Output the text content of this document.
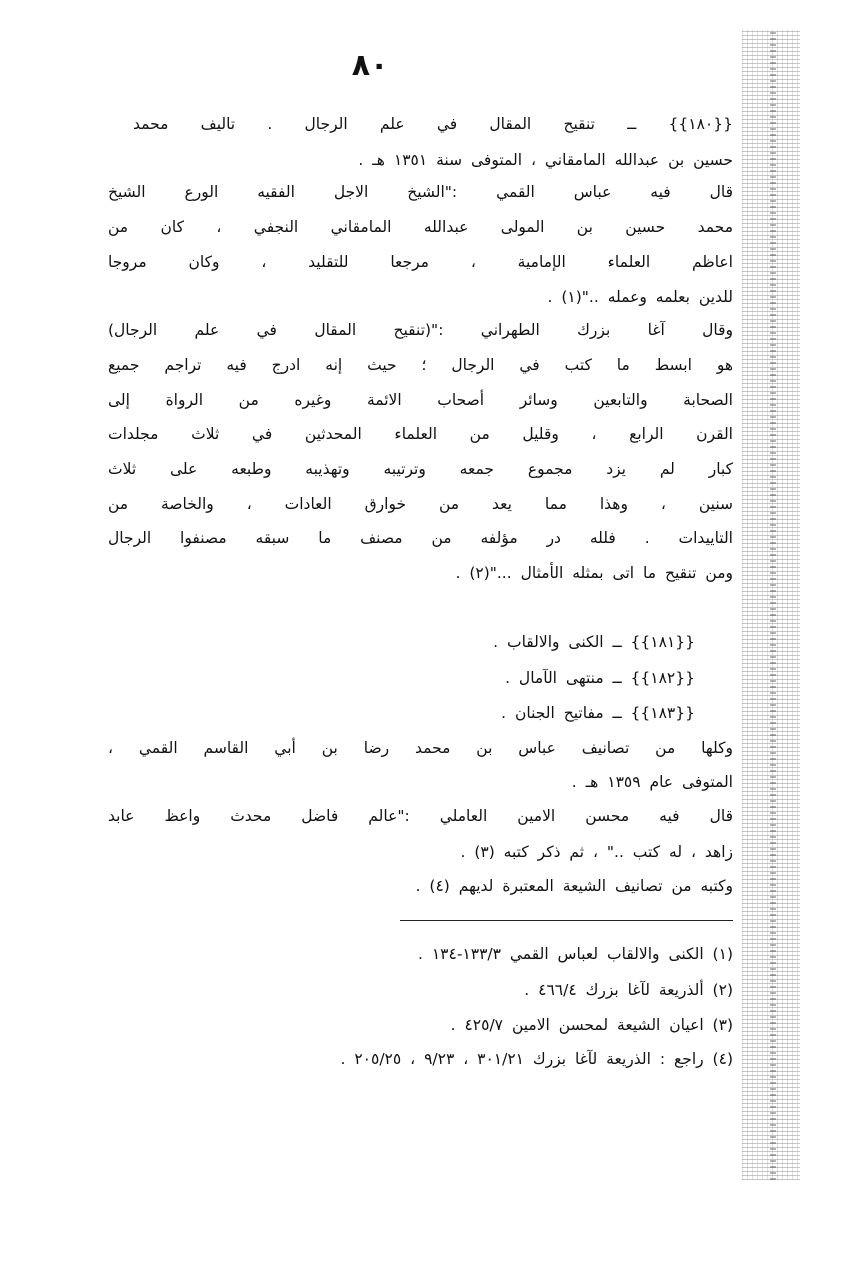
٨٠
{{١٨٠}} ــ تنقيح المقال في علم الرجال . تاليف محمد
حسين بن عبدالله المامقاني ، المتوفى سنة ١٣٥١ هـ .
قال فيه عباس القمي :"الشيخ الاجل الفقيه الورع الشيخ
محمد حسين بن المولى عبدالله المامقاني النجفي ، كان من
اعاظم العلماء الإمامية ، مرجعا للتقليد ، وكان مروجا
للدين بعلمه وعمله .."(١) .
وقال آغا بزرك الطهراني :"(تنقيح المقال في علم الرجال)
هو ابسط ما كتب في الرجال ؛ حيث إنه ادرج فيه تراجم جميع
الصحابة والتابعين وسائر أصحاب الائمة وغيره من الرواة إلى
القرن الرابع ، وقليل من العلماء المحدثين في ثلاث مجلدات
كبار لم يزد مجموع جمعه وترتيبه وتهذيبه وطبعه على ثلاث
سنين ، وهذا مما يعد من خوارق العادات ، والخاصة من
التاييدات . فلله در مؤلفه من مصنف ما سبقه مصنفوا الرجال
ومن تنقيح ما اتى بمثله الأمثال ..."(٢) .
{{١٨١}} ــ الكنى والالقاب .
{{١٨٢}} ــ منتهى الآمال .
{{١٨٣}} ــ مفاتيح الجنان .
وكلها من تصانيف عباس بن محمد رضا بن أبي القاسم القمي ،
المتوفى عام ١٣٥٩ هـ .
قال فيه محسن الامين العاملي :"عالم فاضل محدث واعظ عابد
زاهد ، له كتب .." ، ثم ذكر كتبه (٣) .
وكتبه من تصانيف الشيعة المعتبرة لديهم (٤) .
(١) الكنى والالقاب لعباس القمي ١٣٣/٣-١٣٤ .
(٢) ألذريعة لآغا بزرك ٤٦٦/٤ .
(٣) اعيان الشيعة لمحسن الامين ٤٢٥/٧ .
(٤) راجع : الذريعة لآغا بزرك ٣٠١/٢١ ، ٩/٢٣ ، ٢٠٥/٢٥ .
